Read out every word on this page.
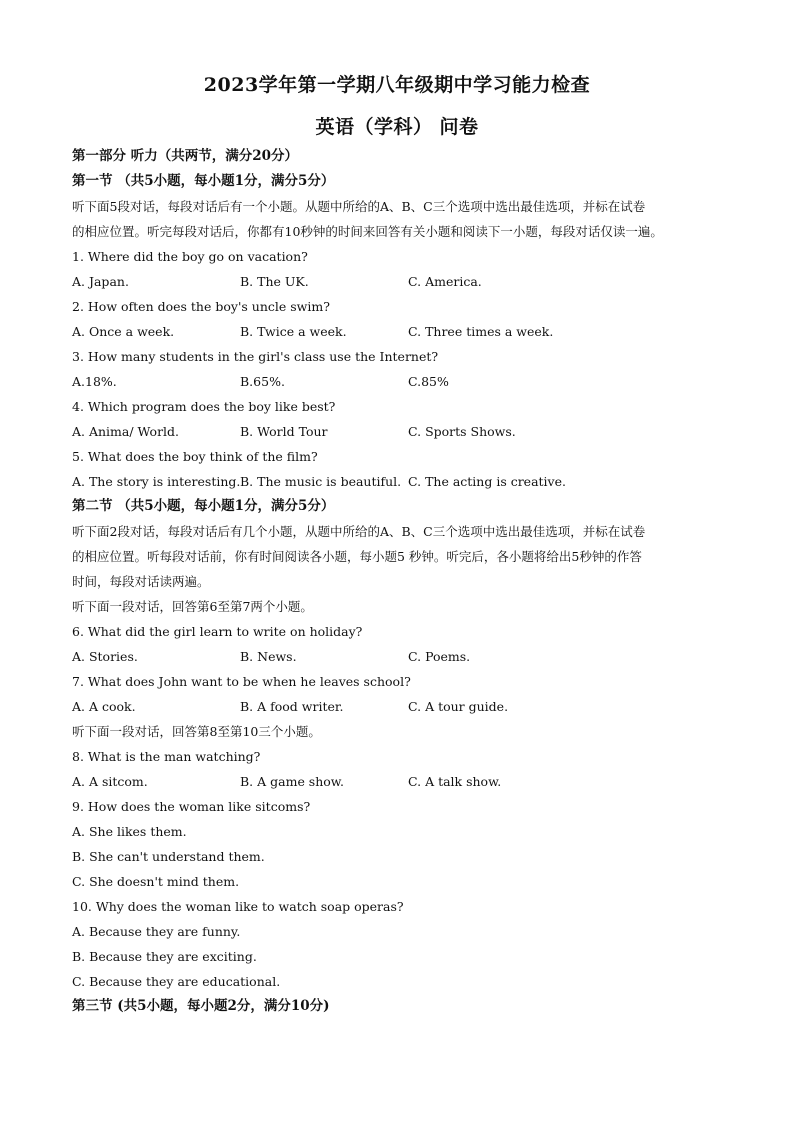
2023学年第一学期八年级期中学习能力检查
英语（学科） 问卷
第一部分 听力（共两节，满分20分）
第一节 （共5小题，每小题1分，满分5分）
听下面5段对话，每段对话后有一个小题。从题中所给的A、B、C三个选项中选出最佳选项，并标在试卷
的相应位置。听完每段对话后，你都有10秒钟的时间来回答有关小题和阅读下一小题，每段对话仅读一遍。
1. Where did the boy go on vacation?
A. Japan.	B. The UK.	C. America.
2. How often does the boy's uncle swim?
A. Once a week.	B. Twice a week.	C. Three times a week.
3. How many students in the girl's class use the Internet?
A.18%.	B.65%.	C.85%
4. Which program does the boy like best?
A. Anima/ World.	B. World Tour	C. Sports Shows.
5. What does the boy think of the film?
A. The story is interesting. B. The music is beautiful. C. The acting is creative.
第二节 （共5小题，每小题1分，满分5分）
听下面2段对话，每段对话后有几个小题，从题中所给的A、B、C三个选项中选出最佳选项，并标在试卷
的相应位置。听每段对话前，你有时间阅读各小题，每小题5 秒钟。听完后，各小题将给出5秒钟的作答
时间，每段对话读两遍。
听下面一段对话，回答第6至第7两个小题。
6. What did the girl learn to write on holiday?
A. Stories.	B. News.	C. Poems.
7. What does John want to be when he leaves school?
A. A cook.	B. A food writer.	C. A tour guide.
听下面一段对话，回答第8至第10三个小题。
8. What is the man watching?
A. A sitcom.	B. A game show.	C. A talk show.
9. How does the woman like sitcoms?
A. She likes them.
B. She can't understand them.
C. She doesn't mind them.
10. Why does the woman like to watch soap operas?
A. Because they are funny.
B. Because they are exciting.
C. Because they are educational.
第三节 (共5小题，每小题2分，满分10分)
